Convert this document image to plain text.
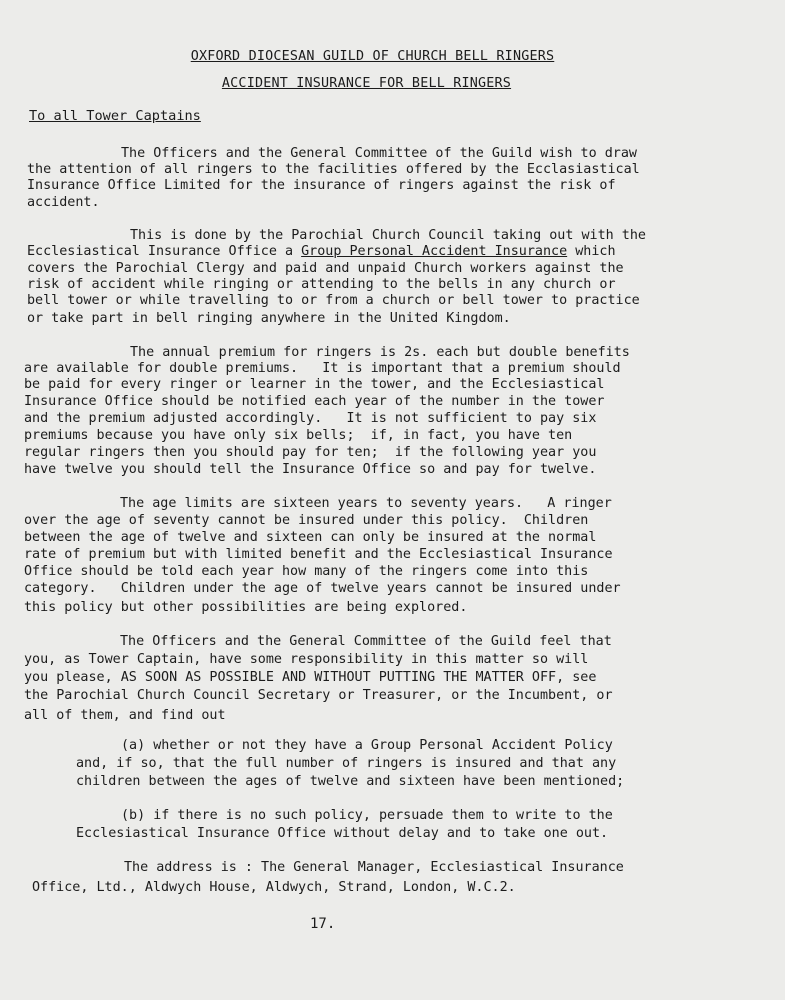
OXFORD DIOCESAN GUILD OF CHURCH BELL RINGERS
ACCIDENT INSURANCE FOR BELL RINGERS
To all Tower Captains
The Officers and the General Committee of the Guild wish to draw
the attention of all ringers to the facilities offered by the Ecclasiastical
Insurance Office Limited for the insurance of ringers against the risk of
accident.
This is done by the Parochial Church Council taking out with the
Ecclesiastical Insurance Office a Group Personal Accident Insurance which
covers the Parochial Clergy and paid and unpaid Church workers against the
risk of accident while ringing or attending to the bells in any church or
bell tower or while travelling to or from a church or bell tower to practice
or take part in bell ringing anywhere in the United Kingdom.
The annual premium for ringers is 2s. each but double benefits
are available for double premiums.   It is important that a premium should
be paid for every ringer or learner in the tower, and the Ecclesiastical
Insurance Office should be notified each year of the number in the tower
and the premium adjusted accordingly.   It is not sufficient to pay six
premiums because you have only six bells;  if, in fact, you have ten
regular ringers then you should pay for ten;  if the following year you
have twelve you should tell the Insurance Office so and pay for twelve.
The age limits are sixteen years to seventy years.   A ringer
over the age of seventy cannot be insured under this policy.  Children
between the age of twelve and sixteen can only be insured at the normal
rate of premium but with limited benefit and the Ecclesiastical Insurance
Office should be told each year how many of the ringers come into this
category.   Children under the age of twelve years cannot be insured under
this policy but other possibilities are being explored.
The Officers and the General Committee of the Guild feel that
you, as Tower Captain, have some responsibility in this matter so will
you please, AS SOON AS POSSIBLE AND WITHOUT PUTTING THE MATTER OFF, see
the Parochial Church Council Secretary or Treasurer, or the Incumbent, or
all of them, and find out
(a) whether or not they have a Group Personal Accident Policy
and, if so, that the full number of ringers is insured and that any
children between the ages of twelve and sixteen have been mentioned;
(b) if there is no such policy, persuade them to write to the
Ecclesiastical Insurance Office without delay and to take one out.
The address is : The General Manager, Ecclesiastical Insurance
Office, Ltd., Aldwych House, Aldwych, Strand, London, W.C.2.
17.
